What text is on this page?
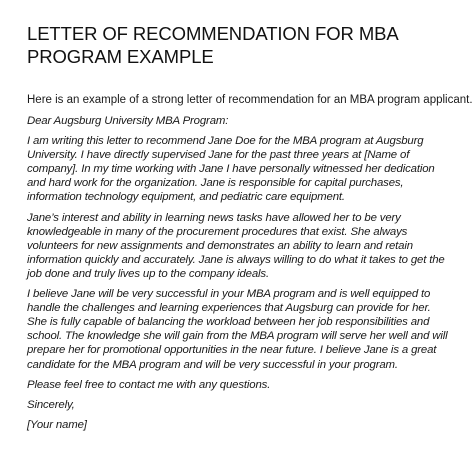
LETTER OF RECOMMENDATION FOR MBA
PROGRAM EXAMPLE

Here is an example of a strong letter of recommendation for an MBA program applicant.

Dear Augsburg University MBA Program:

I am writing this letter to recommend Jane Doe for the MBA program at Augsburg University. I have directly supervised Jane for the past three years at [Name of company]. In my time working with Jane I have personally witnessed her dedication and hard work for the organization. Jane is responsible for capital purchases, information technology equipment, and pediatric care equipment.

Jane’s interest and ability in learning news tasks have allowed her to be very knowledgeable in many of the procurement procedures that exist. She always volunteers for new assignments and demonstrates an ability to learn and retain information quickly and accurately. Jane is always willing to do what it takes to get the job done and truly lives up to the company ideals.

I believe Jane will be very successful in your MBA program and is well equipped to handle the challenges and learning experiences that Augsburg can provide for her. She is fully capable of balancing the workload between her job responsibilities and school. The knowledge she will gain from the MBA program will serve her well and will prepare her for promotional opportunities in the near future. I believe Jane is a great candidate for the MBA program and will be very successful in your program.

Please feel free to contact me with any questions.

Sincerely,

[Your name]
